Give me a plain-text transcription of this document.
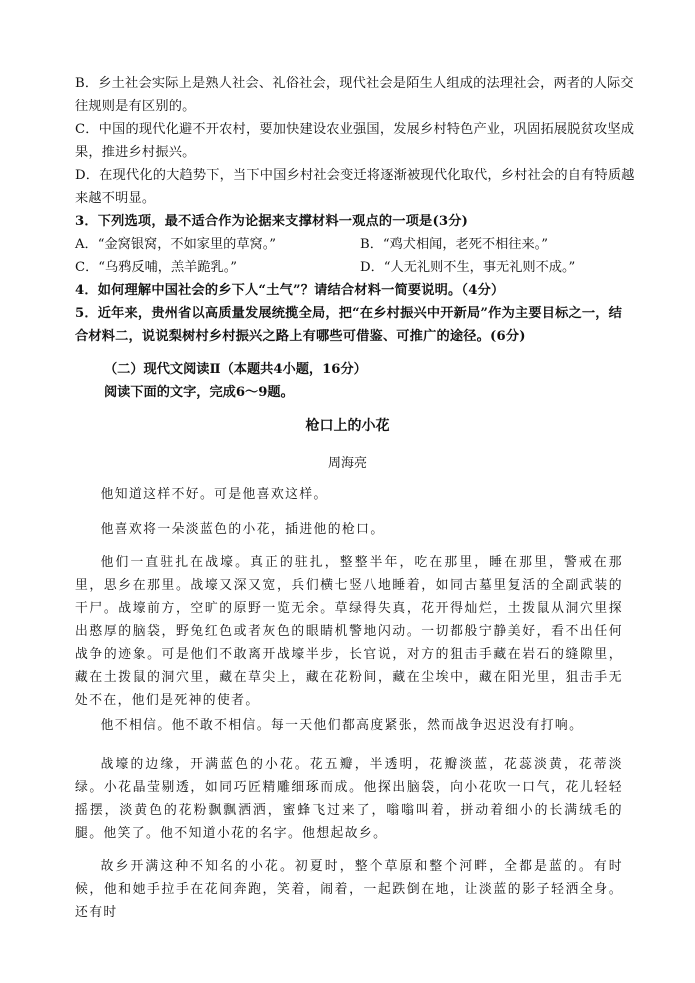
B．乡土社会实际上是熟人社会、礼俗社会，现代社会是陌生人组成的法理社会，两者的人际交往规则是有区别的。

C．中国的现代化避不开农村，要加快建设农业强国，发展乡村特色产业，巩固拓展脱贫攻坚成果，推进乡村振兴。

D．在现代化的大趋势下，当下中国乡村社会变迁将逐渐被现代化取代，乡村社会的自有特质越来越不明显。

3．下列选项，最不适合作为论据来支撑材料一观点的一项是(3分)

A．“金窝银窝，不如家里的草窝。”	B．“鸡犬相闻，老死不相往来。”
C．“乌鸦反哺，羔羊跪乳。”	D．“人无礼则不生，事无礼则不成。”

4．如何理解中国社会的乡下人“土气”？请结合材料一简要说明。（4分）

5．近年来，贵州省以高质量发展统揽全局，把“在乡村振兴中开新局”作为主要目标之一，结合材料二，说说梨树村乡村振兴之路上有哪些可借鉴、可推广的途径。(6分)

（二）现代文阅读Ⅱ（本题共4小题，16分）
阅读下面的文字，完成6～9题。
枪口上的小花
周海亮

他知道这样不好。可是他喜欢这样。

他喜欢将一朵淡蓝色的小花，插进他的枪口。

他们一直驻扎在战壕。真正的驻扎，整整半年，吃在那里，睡在那里，警戒在那里，思乡在那里。战壕又深又宽，兵们横七竖八地睡着，如同古墓里复活的全副武装的干尸。战壕前方，空旷的原野一览无余。草绿得失真，花开得灿烂，土拨鼠从洞穴里探出憨厚的脑袋，野兔红色或者灰色的眼睛机警地闪动。一切都般宁静美好，看不出任何战争的迹象。可是他们不敢离开战壕半步，长官说，对方的狙击手藏在岩石的缝隙里，藏在土拨鼠的洞穴里，藏在草尖上，藏在花粉间，藏在尘埃中，藏在阳光里，狙击手无处不在，他们是死神的使者。

他不相信。他不敢不相信。每一天他们都高度紧张，然而战争迟迟没有打响。

战壕的边缘，开满蓝色的小花。花五瓣，半透明，花瓣淡蓝，花蕊淡黄，花蒂淡绿。小花晶莹剔透，如同巧匠精雕细琢而成。他探出脑袋，向小花吹一口气，花儿轻轻摇摆，淡黄色的花粉飘飘洒洒，蜜蜂飞过来了，嗡嗡叫着，拼动着细小的长满绒毛的腿。他笑了。他不知道小花的名字。他想起故乡。

故乡开满这种不知名的小花。初夏时，整个草原和整个河畔，全都是蓝的。有时候，他和她手拉手在花间奔跑，笑着，闹着，一起跌倒在地，让淡蓝的影子轻洒全身。还有时
